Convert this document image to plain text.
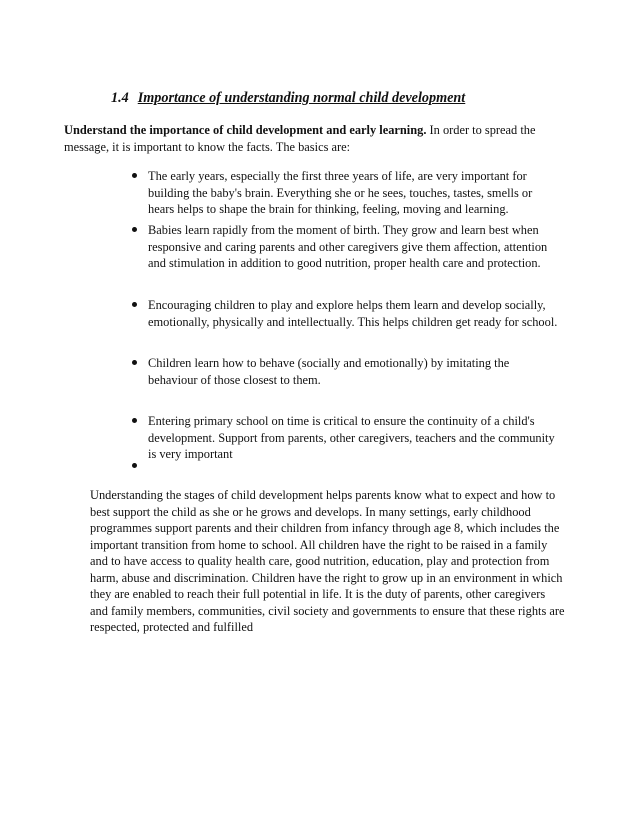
1.4 Importance of understanding normal child development

Understand the importance of child development and early learning. In order to spread the message, it is important to know the facts. The basics are:

The early years, especially the first three years of life, are very important for building the baby's brain. Everything she or he sees, touches, tastes, smells or hears helps to shape the brain for thinking, feeling, moving and learning.
Babies learn rapidly from the moment of birth. They grow and learn best when responsive and caring parents and other caregivers give them affection, attention and stimulation in addition to good nutrition, proper health care and protection.
Encouraging children to play and explore helps them learn and develop socially, emotionally, physically and intellectually. This helps children get ready for school.
Children learn how to behave (socially and emotionally) by imitating the behaviour of those closest to them.
Entering primary school on time is critical to ensure the continuity of a child's development. Support from parents, other caregivers, teachers and the community is very important

Understanding the stages of child development helps parents know what to expect and how to best support the child as she or he grows and develops. In many settings, early childhood programmes support parents and their children from infancy through age 8, which includes the important transition from home to school. All children have the right to be raised in a family and to have access to quality health care, good nutrition, education, play and protection from harm, abuse and discrimination. Children have the right to grow up in an environment in which they are enabled to reach their full potential in life. It is the duty of parents, other caregivers and family members, communities, civil society and governments to ensure that these rights are respected, protected and fulfilled
